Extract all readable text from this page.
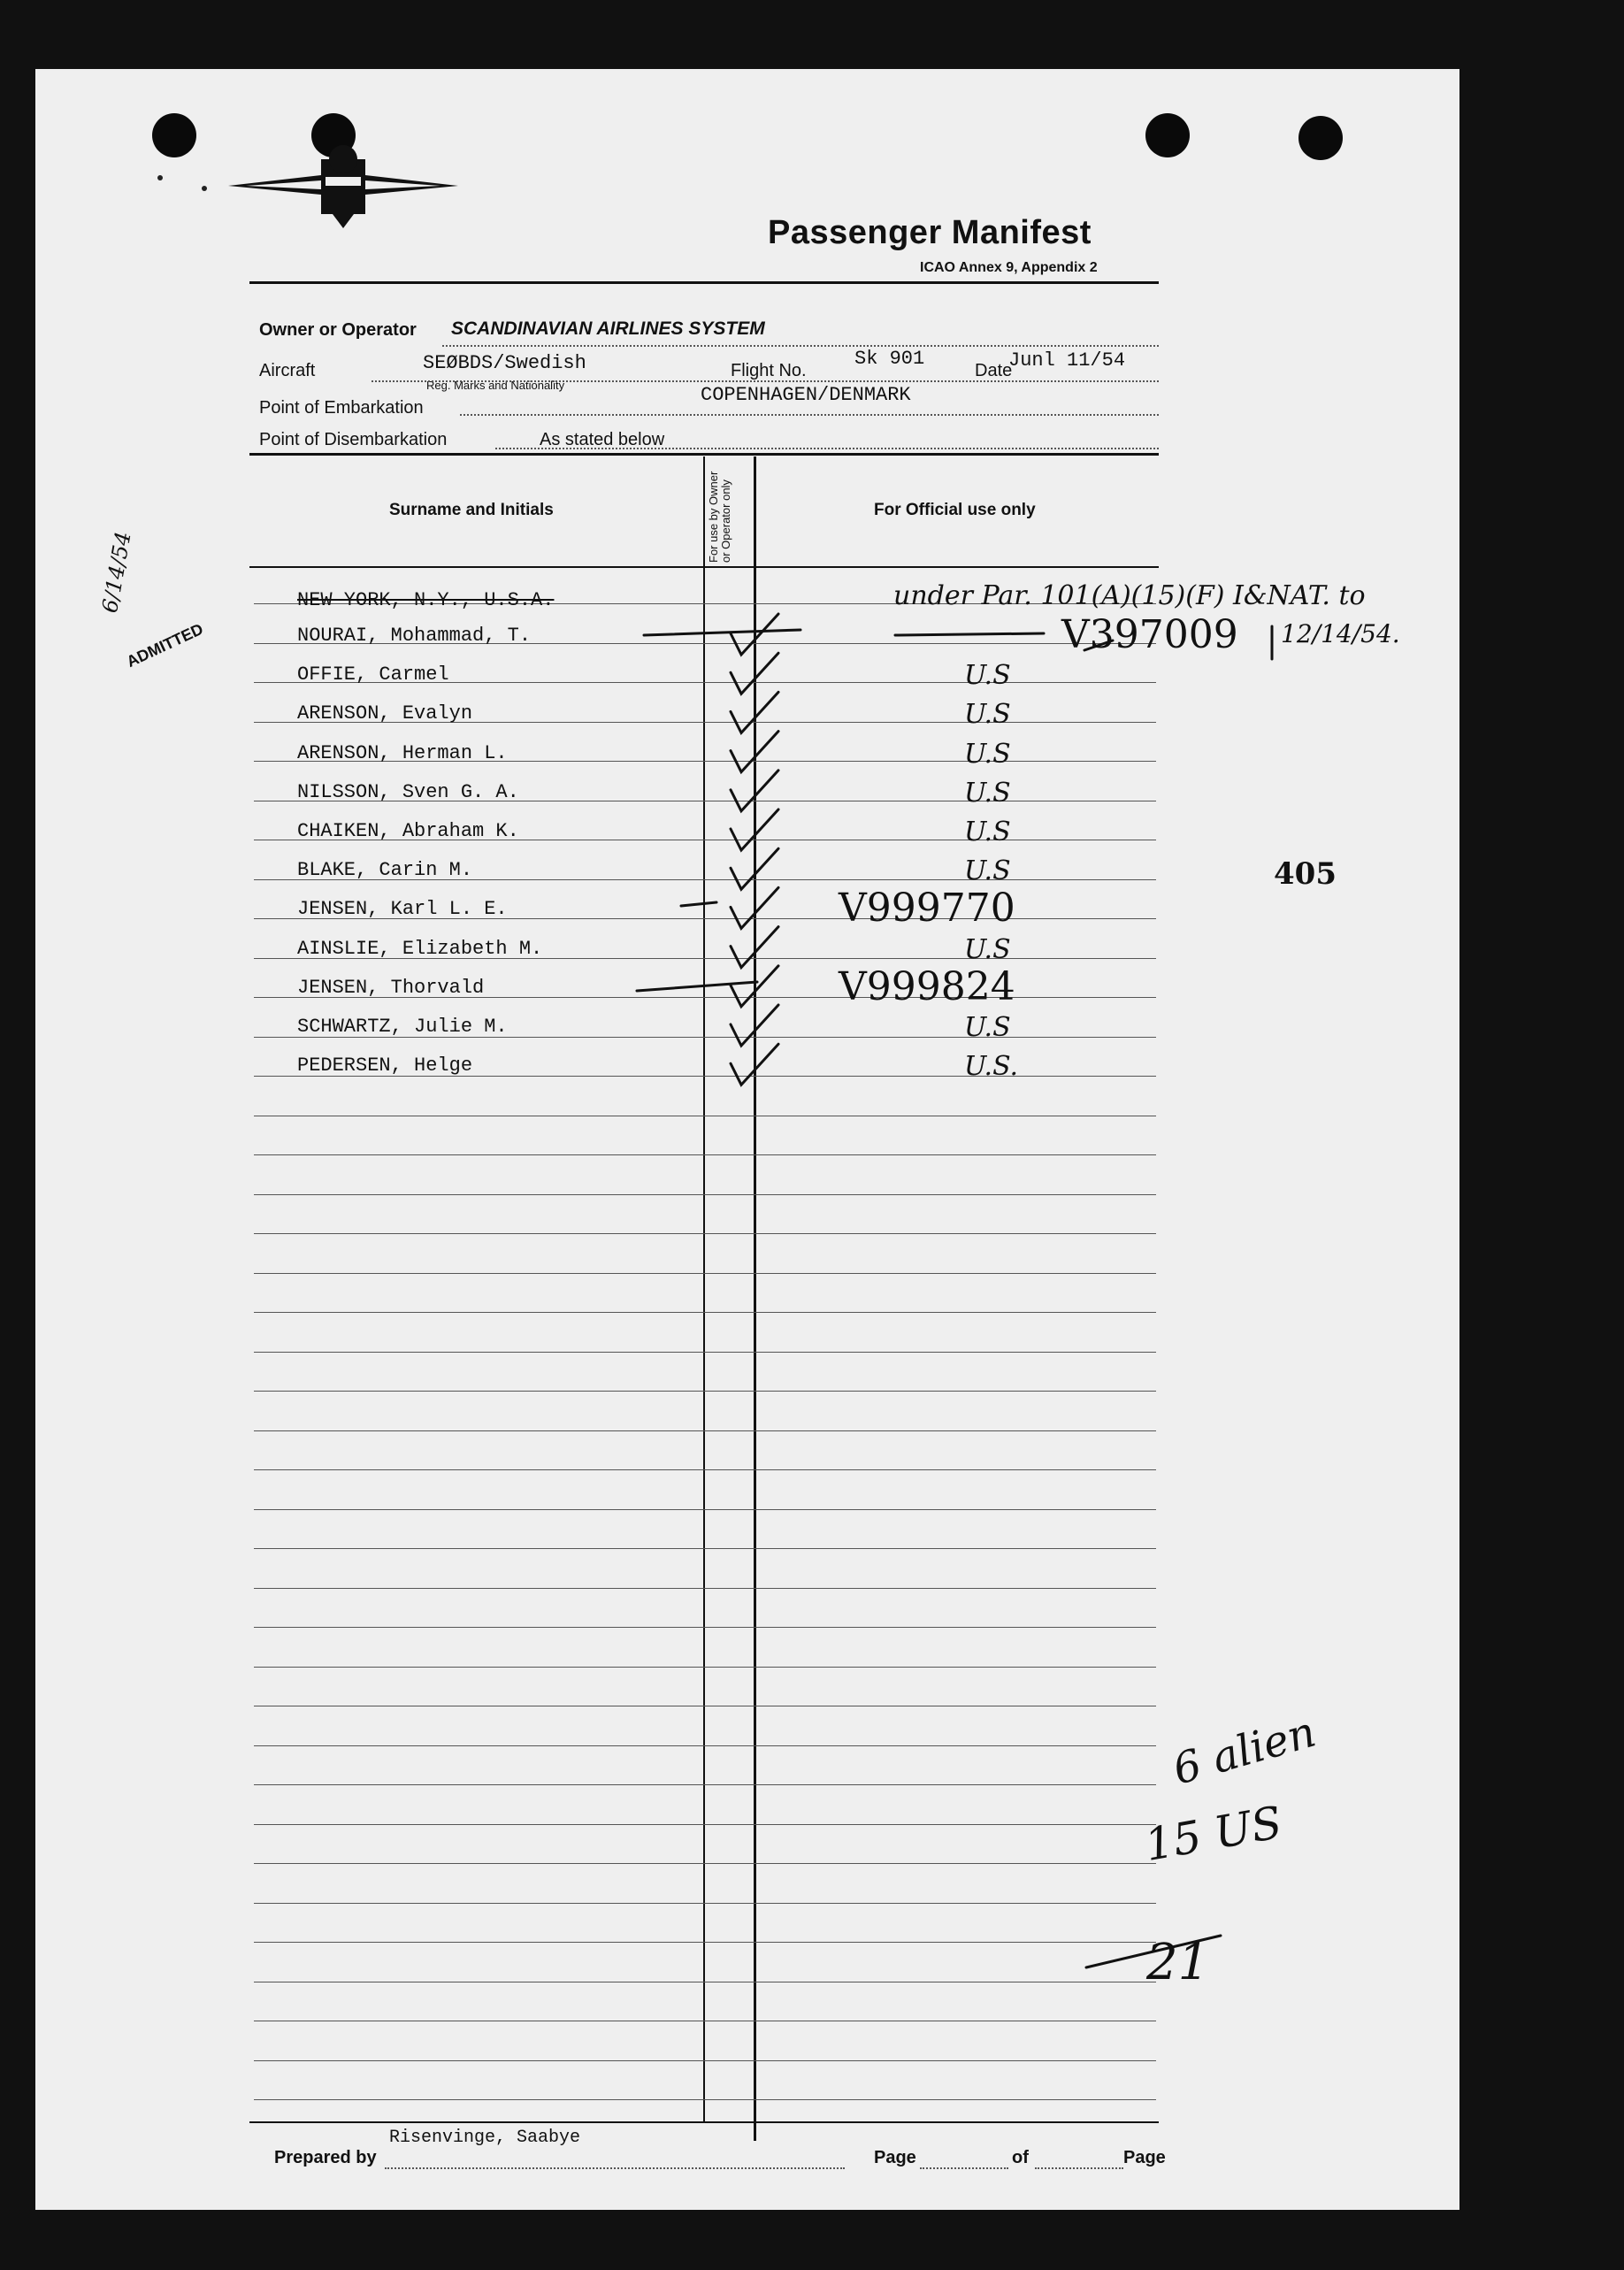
Passenger Manifest
ICAO Annex 9, Appendix 2
Owner or Operator SCANDINAVIAN AIRLINES SYSTEM
Aircraft	SEØBDS/Swedish
Reg. Marks and Nationality
Flight No.
Sk 901
Date
Junl 11/54
Point of Embarkation
COPENHAGEN/DENMARK
Point of Disembarkation	As stated below
Surname and Initials	For use by Owner or Operator only	For Official use only
6/14/54
ADMITTED
NEW YORK, N.Y., U.S.A.
NOURAI, Mohammad, T.	V397009
OFFIE, Carmel	U.S
ARENSON, Evalyn	U.S
ARENSON, Herman L.	U.S
NILSSON, Sven G. A.	U.S
CHAIKEN, Abraham K.	U.S
BLAKE, Carin M.	U.S
JENSEN, Karl L. E.	V999770
AINSLIE, Elizabeth M.	U.S
JENSEN, Thorvald	V999824
SCHWARTZ, Julie M.	U.S
PEDERSEN, Helge	U.S.
under Par. 101(A)(15)(F) I&NAT. to
12/14/54.
405
6 alien
15 US
21
Prepared by
Risenvinge, Saabye
Page	of	Page
